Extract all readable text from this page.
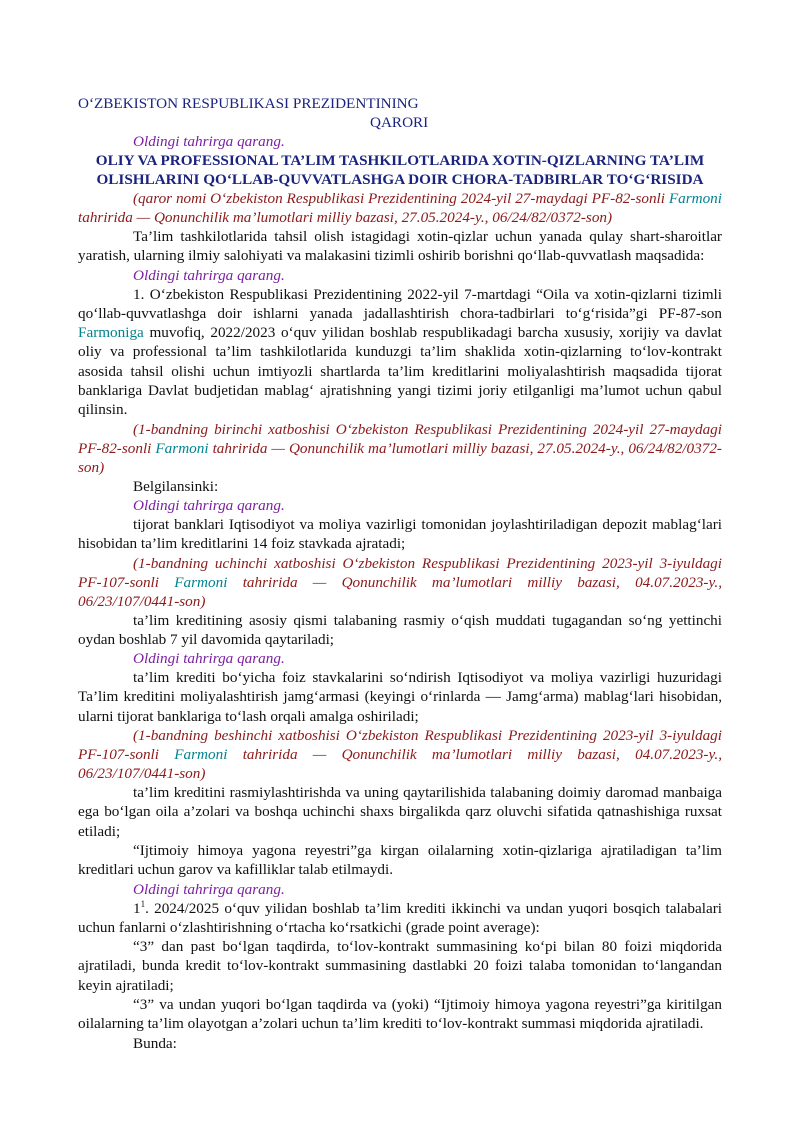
O‘ZBEKISTON RESPUBLIKASI PREZIDENTINING

QARORI

Oldingi tahrirga qarang.

OLIY VA PROFESSIONAL TA’LIM TASHKILOTLARIDA XOTIN-QIZLARNING TA’LIM OLISHLARINI QO‘LLAB-QUVVATLASHGA DOIR CHORA-TADBIRLAR TO‘G‘RISIDA

(qaror nomi O‘zbekiston Respublikasi Prezidentining 2024-yil 27-maydagi PF-82-sonli Farmoni tahririda — Qonunchilik ma’lumotlari milliy bazasi, 27.05.2024-y., 06/24/82/0372-son)

Ta’lim tashkilotlarida tahsil olish istagidagi xotin-qizlar uchun yanada qulay shart-sharoitlar yaratish, ularning ilmiy salohiyati va malakasini tizimli oshirib borishni qo‘llab-quvvatlash maqsadida:

Oldingi tahrirga qarang.

1. O‘zbekiston Respublikasi Prezidentining 2022-yil 7-martdagi “Oila va xotin-qizlarni tizimli qo‘llab-quvvatlashga doir ishlarni yanada jadallashtirish chora-tadbirlari to‘g‘risida”gi PF-87-son Farmoniga muvofiq, 2022/2023 o‘quv yilidan boshlab respublikadagi barcha xususiy, xorijiy va davlat oliy va professional ta’lim tashkilotlarida kunduzgi ta’lim shaklida xotin-qizlarning to‘lov-kontrakt asosida tahsil olishi uchun imtiyozli shartlarda ta’lim kreditlarini moliyalashtirish maqsadida tijorat banklariga Davlat budjetidan mablag‘ ajratishning yangi tizimi joriy etilganligi ma’lumot uchun qabul qilinsin.

(1-bandning birinchi xatboshisi O‘zbekiston Respublikasi Prezidentining 2024-yil 27-maydagi PF-82-sonli Farmoni tahririda — Qonunchilik ma’lumotlari milliy bazasi, 27.05.2024-y., 06/24/82/0372-son)

Belgilansinki:

Oldingi tahrirga qarang.

tijorat banklari Iqtisodiyot va moliya vazirligi tomonidan joylashtiriladigan depozit mablag‘lari hisobidan ta’lim kreditlarini 14 foiz stavkada ajratadi;

(1-bandning uchinchi xatboshisi O‘zbekiston Respublikasi Prezidentining 2023-yil 3-iyuldagi PF-107-sonli Farmoni tahririda — Qonunchilik ma’lumotlari milliy bazasi, 04.07.2023-y., 06/23/107/0441-son)

ta’lim kreditining asosiy qismi talabaning rasmiy o‘qish muddati tugagandan so‘ng yettinchi oydan boshlab 7 yil davomida qaytariladi;

Oldingi tahrirga qarang.

ta’lim krediti bo‘yicha foiz stavkalarini so‘ndirish Iqtisodiyot va moliya vazirligi huzuridagi Ta’lim kreditini moliyalashtirish jamg‘armasi (keyingi o‘rinlarda — Jamg‘arma) mablag‘lari hisobidan, ularni tijorat banklariga to‘lash orqali amalga oshiriladi;

(1-bandning beshinchi xatboshisi O‘zbekiston Respublikasi Prezidentining 2023-yil 3-iyuldagi PF-107-sonli Farmoni tahririda — Qonunchilik ma’lumotlari milliy bazasi, 04.07.2023-y., 06/23/107/0441-son)

ta’lim kreditini rasmiylashtirishda va uning qaytarilishida talabaning doimiy daromad manbaiga ega bo‘lgan oila a’zolari va boshqa uchinchi shaxs birgalikda qarz oluvchi sifatida qatnashishiga ruxsat etiladi;

“Ijtimoiy himoya yagona reyestri”ga kirgan oilalarning xotin-qizlariga ajratiladigan ta’lim kreditlari uchun garov va kafilliklar talab etilmaydi.

Oldingi tahrirga qarang.

$1^1$. 2024/2025 o‘quv yilidan boshlab ta’lim krediti ikkinchi va undan yuqori bosqich talabalari uchun fanlarni o‘zlashtirishning o‘rtacha ko‘rsatkichi (grade point average):

“3” dan past bo‘lgan taqdirda, to‘lov-kontrakt summasining ko‘pi bilan 80 foizi miqdorida ajratiladi, bunda kredit to‘lov-kontrakt summasining dastlabki 20 foizi talaba tomonidan to‘langandan keyin ajratiladi;

“3” va undan yuqori bo‘lgan taqdirda va (yoki) “Ijtimoiy himoya yagona reyestri”ga kiritilgan oilalarning ta’lim olayotgan a’zolari uchun ta’lim krediti to‘lov-kontrakt summasi miqdorida ajratiladi.

Bunda:
